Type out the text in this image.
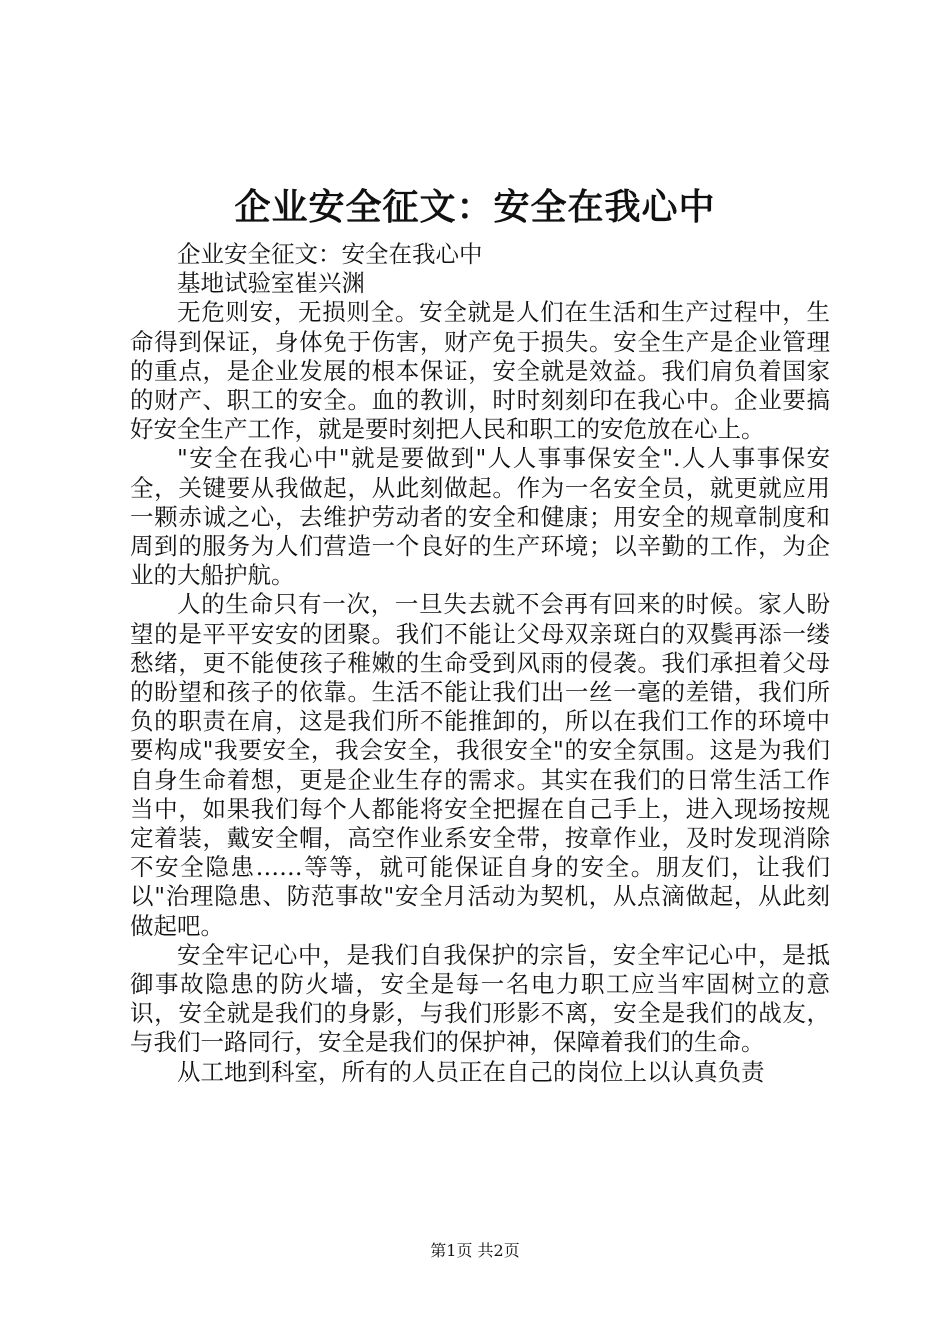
企业安全征文：安全在我心中

企业安全征文：安全在我心中

基地试验室崔兴渊

无危则安，无损则全。安全就是人们在生活和生产过程中，生命得到保证，身体免于伤害，财产免于损失。安全生产是企业管理的重点，是企业发展的根本保证，安全就是效益。我们肩负着国家的财产、职工的安全。血的教训，时时刻刻印在我心中。企业要搞好安全生产工作，就是要时刻把人民和职工的安危放在心上。

"安全在我心中"就是要做到"人人事事保安全".人人事事保安全，关键要从我做起，从此刻做起。作为一名安全员，就更就应用一颗赤诚之心，去维护劳动者的安全和健康；用安全的规章制度和周到的服务为人们营造一个良好的生产环境；以辛勤的工作，为企业的大船护航。

人的生命只有一次，一旦失去就不会再有回来的时候。家人盼望的是平平安安的团聚。我们不能让父母双亲斑白的双鬓再添一缕愁绪，更不能使孩子稚嫩的生命受到风雨的侵袭。我们承担着父母的盼望和孩子的依靠。生活不能让我们出一丝一毫的差错，我们所负的职责在肩，这是我们所不能推卸的，所以在我们工作的环境中要构成"我要安全，我会安全，我很安全"的安全氛围。这是为我们自身生命着想，更是企业生存的需求。其实在我们的日常生活工作当中，如果我们每个人都能将安全把握在自己手上，进入现场按规定着装，戴安全帽，高空作业系安全带，按章作业，及时发现消除不安全隐患……等等，就可能保证自身的安全。朋友们，让我们以"治理隐患、防范事故"安全月活动为契机，从点滴做起，从此刻做起吧。

安全牢记心中，是我们自我保护的宗旨，安全牢记心中，是抵御事故隐患的防火墙，安全是每一名电力职工应当牢固树立的意识，安全就是我们的身影，与我们形影不离，安全是我们的战友，与我们一路同行，安全是我们的保护神，保障着我们的生命。

从工地到科室，所有的人员正在自己的岗位上以认真负责

第1页 共2页
